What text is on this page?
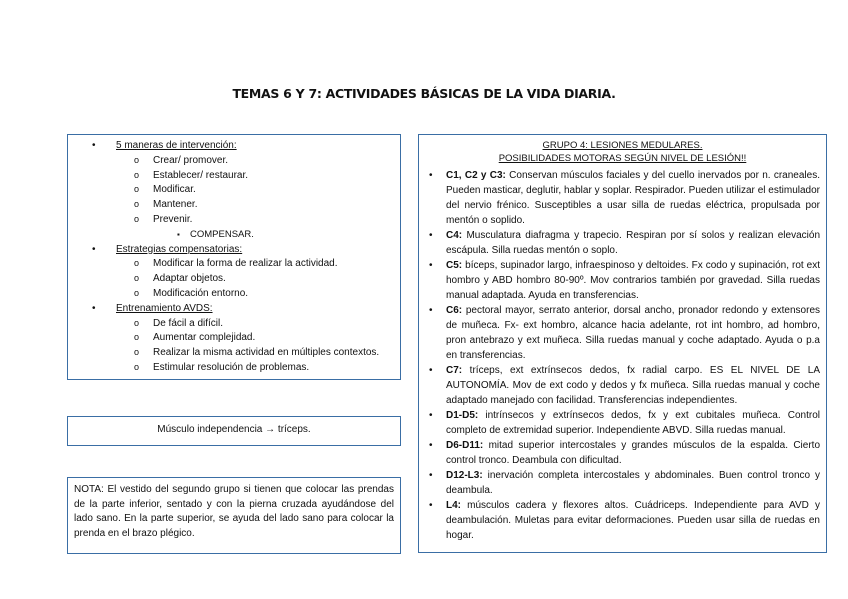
TEMAS 6 Y 7: ACTIVIDADES BÁSICAS DE LA VIDA DIARIA.
• 5 maneras de intervención:
o Crear/ promover.
o Establecer/ restaurar.
o Modificar.
o Mantener.
o Prevenir.
▪ COMPENSAR.
• Estrategias compensatorias:
o Modificar la forma de realizar la actividad.
o Adaptar objetos.
o Modificación entorno.
• Entrenamiento AVDS:
o De fácil a difícil.
o Aumentar complejidad.
o Realizar la misma actividad en múltiples contextos.
o Estimular resolución de problemas.
Músculo independencia → tríceps.
NOTA: El vestido del segundo grupo si tienen que colocar las prendas de la parte inferior, sentado y con la pierna cruzada ayudándose del lado sano. En la parte superior, se ayuda del lado sano para colocar la prenda en el brazo plégico.
GRUPO 4: LESIONES MEDULARES.
POSIBILIDADES MOTORAS SEGÚN NIVEL DE LESIÓN!!
• C1, C2 y C3: Conservan músculos faciales y del cuello inervados por n. craneales. Pueden masticar, deglutir, hablar y soplar. Respirador. Pueden utilizar el estimulador del nervio frénico. Susceptibles a usar silla de ruedas eléctrica, propulsada por mentón o soplido.
• C4: Musculatura diafragma y trapecio. Respiran por sí solos y realizan elevación escápula. Silla ruedas mentón o soplo.
• C5: bíceps, supinador largo, infraespinoso y deltoides. Fx codo y supinación, rot ext hombro y ABD hombro 80-90º. Mov contrarios también por gravedad. Silla ruedas manual adaptada. Ayuda en transferencias.
• C6: pectoral mayor, serrato anterior, dorsal ancho, pronador redondo y extensores de muñeca. Fx- ext hombro, alcance hacia adelante, rot int hombro, ad hombro, pron antebrazo y ext muñeca. Silla ruedas manual y coche adaptado. Ayuda o p.a en transferencias.
• C7: tríceps, ext extrínsecos dedos, fx radial carpo. ES EL NIVEL DE LA AUTONOMÍA. Mov de ext codo y dedos y fx muñeca. Silla ruedas manual y coche adaptado manejado con facilidad. Transferencias independientes.
• D1-D5: intrínsecos y extrínsecos dedos, fx y ext cubitales muñeca. Control completo de extremidad superior. Independiente ABVD. Silla ruedas manual.
• D6-D11: mitad superior intercostales y grandes músculos de la espalda. Cierto control tronco. Deambula con dificultad.
• D12-L3: inervación completa intercostales y abdominales. Buen control tronco y deambula.
• L4: músculos cadera y flexores altos. Cuádriceps. Independiente para AVD y deambulación. Muletas para evitar deformaciones. Pueden usar silla de ruedas en hogar.
